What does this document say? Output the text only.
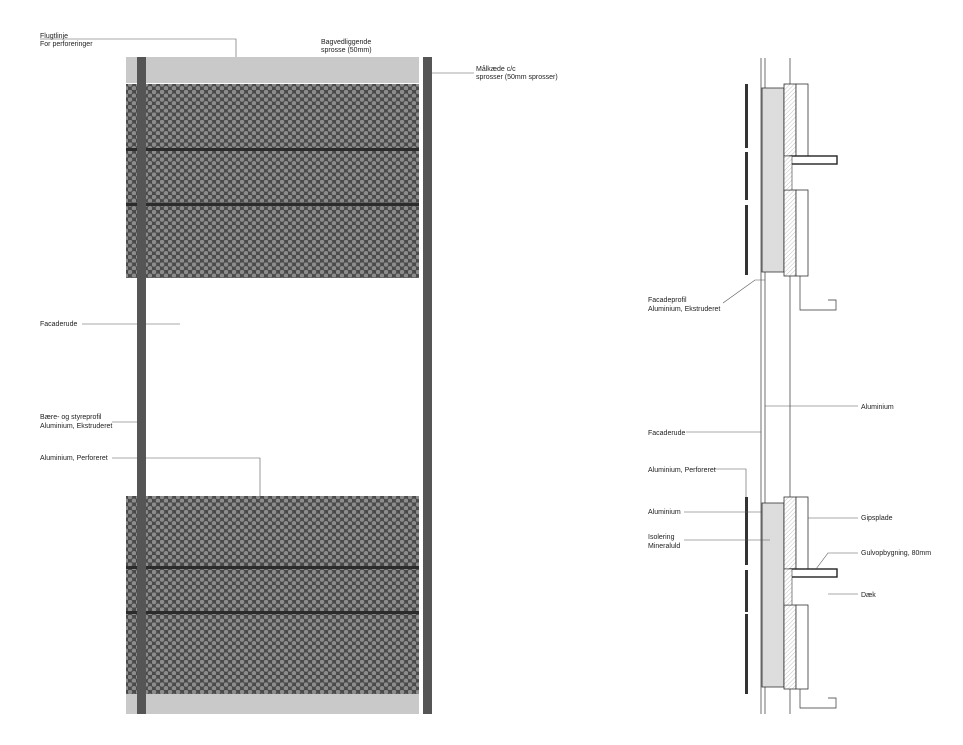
Flugtlinje
For perforeringer	Bagvedliggende
sprosse (50mm)
Målkæde c/c
sprosser (50mm sprosser)
Facaderude
Bære- og styreprofil
Aluminium, Ekstruderet
Aluminium, Perforeret
Facadeprofil
Aluminium, Ekstruderet
Aluminium
Facaderude
Aluminium, Perforeret
Aluminium
Isolering
Mineraluld
Gipsplade
Gulvopbygning, 80mm
Dæk
